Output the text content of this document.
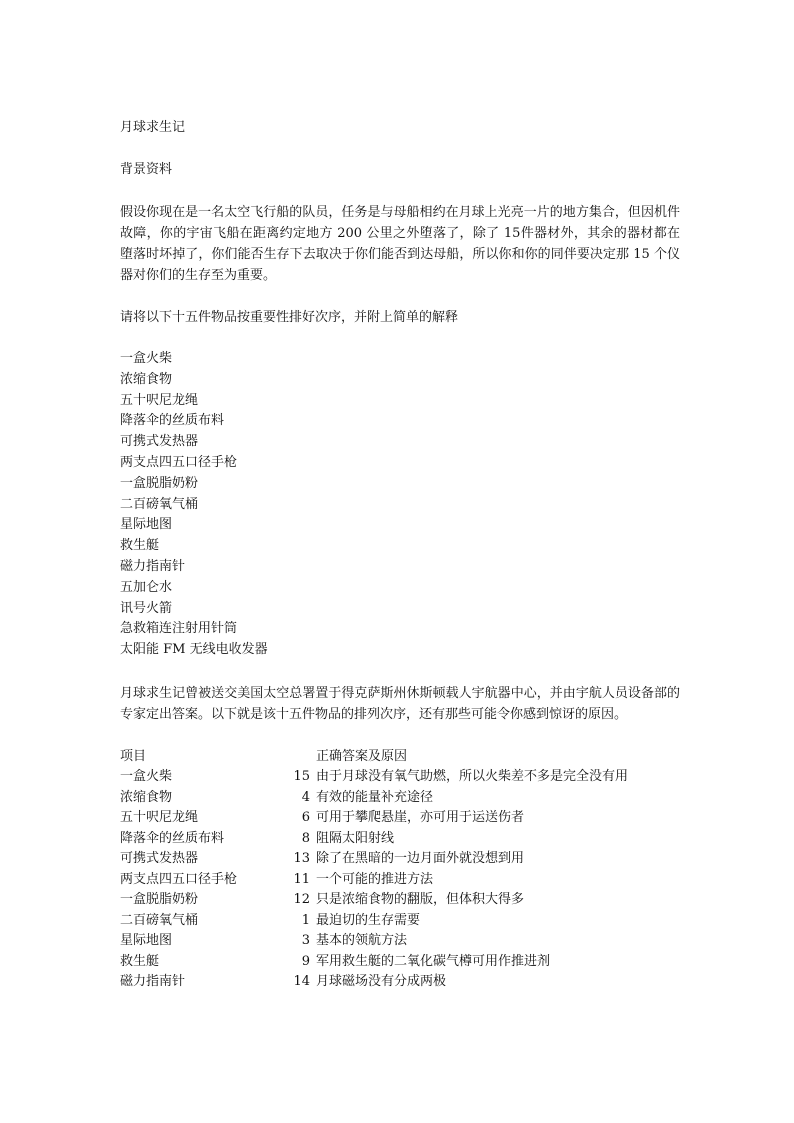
月球求生记

背景资料

假设你现在是一名太空飞行船的队员，任务是与母船相约在月球上光亮一片的地方集合，但因机件故障，你的宇宙飞船在距离约定地方 200 公里之外堕落了，除了 15件器材外，其余的器材都在堕落时坏掉了，你们能否生存下去取决于你们能否到达母船，所以你和你的同伴要决定那 15 个仪器对你们的生存至为重要。

请将以下十五件物品按重要性排好次序，并附上简单的解释

一盒火柴
浓缩食物
五十呎尼龙绳
降落伞的丝质布料
可携式发热器
两支点四五口径手枪
一盒脱脂奶粉
二百磅氧气桶
星际地图
救生艇
磁力指南针
五加仑水
讯号火箭
急救箱连注射用针筒
太阳能 FM 无线电收发器

月球求生记曾被送交美国太空总署置于得克萨斯州休斯顿载人宇航器中心，并由宇航人员设备部的专家定出答案。以下就是该十五件物品的排列次序，还有那些可能令你感到惊讶的原因。

项目		正确答案及原因
一盒火柴	15	由于月球没有氧气助燃，所以火柴差不多是完全没有用
浓缩食物	4	有效的能量补充途径
五十呎尼龙绳	6	可用于攀爬悬崖，亦可用于运送伤者
降落伞的丝质布料	8	阻隔太阳射线
可携式发热器	13	除了在黑暗的一边月面外就没想到用
两支点四五口径手枪	11	一个可能的推进方法
一盒脱脂奶粉	12	只是浓缩食物的翻版，但体积大得多
二百磅氧气桶	1	最迫切的生存需要
星际地图	3	基本的领航方法
救生艇	9	军用救生艇的二氧化碳气樽可用作推进剂
磁力指南针	14	月球磁场没有分成两极
